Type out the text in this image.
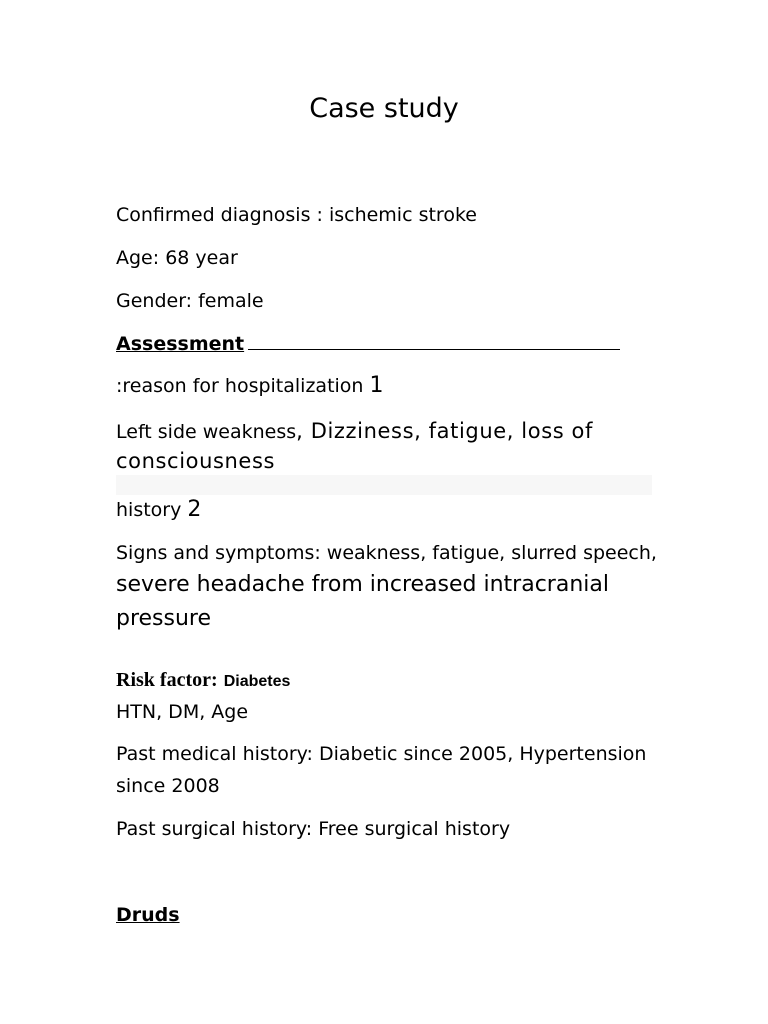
Case study
Confirmed diagnosis : ischemic stroke
Age: 68 year
Gender: female
Assessment
:reason for hospitalization 1
Left side weakness, Dizziness, fatigue, loss of
consciousness
history 2
Signs and symptoms: weakness, fatigue, slurred speech,
severe headache from increased intracranial
pressure
Risk factor: Diabetes
HTN, DM, Age
Past medical history: Diabetic since 2005, Hypertension
since 2008
Past surgical history: Free surgical history
Druds
